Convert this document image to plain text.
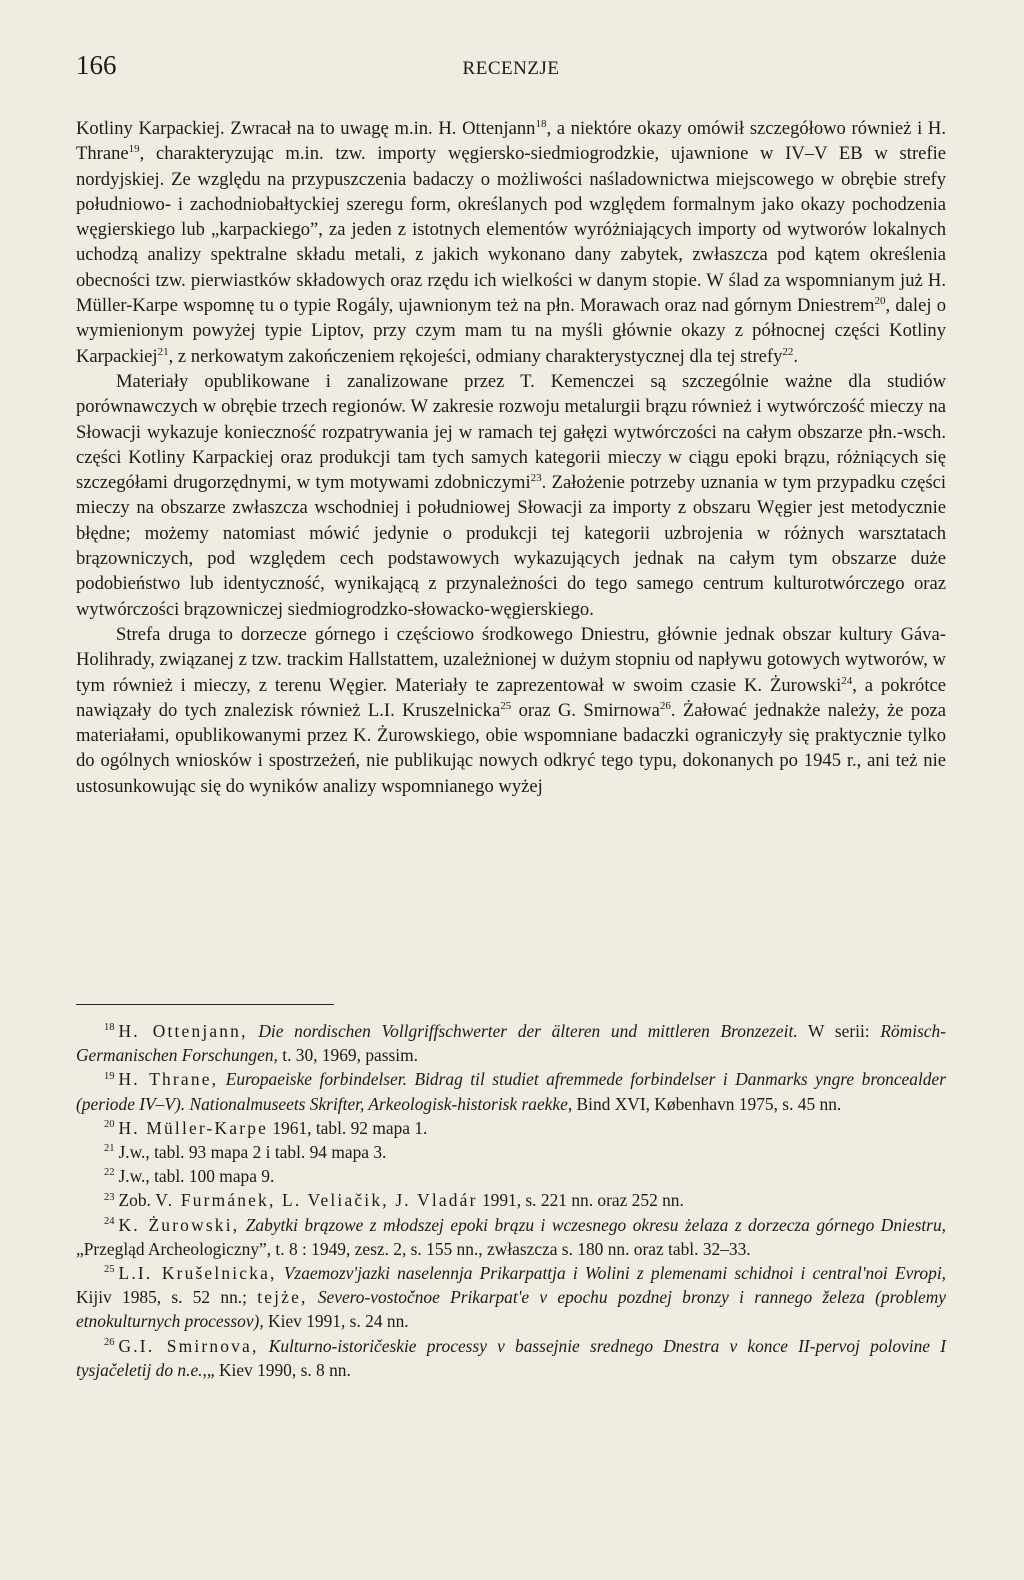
166	RECENZJE

Kotliny Karpackiej. Zwracał na to uwagę m.in. H. Ottenjann$^{18}$, a niektóre okazy omówił szczegółowo również i H. Thrane$^{19}$, charakteryzując m.in. tzw. importy węgiersko-siedmiogrodzkie, ujawnione w IV–V EB w strefie nordyjskiej. Ze względu na przypuszczenia badaczy o możliwości naśladownictwa miejscowego w obrębie strefy południowo- i zachodniobałtyckiej szeregu form, określanych pod względem formalnym jako okazy pochodzenia węgierskiego lub „karpackiego”, za jeden z istotnych elementów wyróżniających importy od wytworów lokalnych uchodzą analizy spektralne składu metali, z jakich wykonano dany zabytek, zwłaszcza pod kątem określenia obecności tzw. pierwiastków składowych oraz rzędu ich wielkości w danym stopie. W ślad za wspomnianym już H. Müller-Karpe wspomnę tu o typie Rogály, ujawnionym też na płn. Morawach oraz nad górnym Dniestrem$^{20}$, dalej o wymienionym powyżej typie Liptov, przy czym mam tu na myśli głównie okazy z północnej części Kotliny Karpackiej$^{21}$, z nerkowatym zakończeniem rękojeści, odmiany charakterystycznej dla tej strefy$^{22}$.

Materiały opublikowane i zanalizowane przez T. Kemenczei są szczególnie ważne dla studiów porównawczych w obrębie trzech regionów. W zakresie rozwoju metalurgii brązu również i wytwórczość mieczy na Słowacji wykazuje konieczność rozpatrywania jej w ramach tej gałęzi wytwórczości na całym obszarze płn.-wsch. części Kotliny Karpackiej oraz produkcji tam tych samych kategorii mieczy w ciągu epoki brązu, różniących się szczegółami drugorzędnymi, w tym motywami zdobniczymi$^{23}$. Założenie potrzeby uznania w tym przypadku części mieczy na obszarze zwłaszcza wschodniej i południowej Słowacji za importy z obszaru Węgier jest metodycznie błędne; możemy natomiast mówić jedynie o produkcji tej kategorii uzbrojenia w różnych warsztatach brązowniczych, pod względem cech podstawowych wykazujących jednak na całym tym obszarze duże podobieństwo lub identyczność, wynikającą z przynależności do tego samego centrum kulturotwórczego oraz wytwórczości brązowniczej siedmiogrodzko-słowacko-węgierskiego.

Strefa druga to dorzecze górnego i częściowo środkowego Dniestru, głównie jednak obszar kultury Gáva-Holihrady, związanej z tzw. trackim Hallstattem, uzależnionej w dużym stopniu od napływu gotowych wytworów, w tym również i mieczy, z terenu Węgier. Materiały te zaprezentował w swoim czasie K. Żurowski$^{24}$, a pokrótce nawiązały do tych znalezisk również L.I. Kruszelnicka$^{25}$ oraz G. Smirnowa$^{26}$. Żałować jednakże należy, że poza materiałami, opublikowanymi przez K. Żurowskiego, obie wspomniane badaczki ograniczyły się praktycznie tylko do ogólnych wniosków i spostrzeżeń, nie publikując nowych odkryć tego typu, dokonanych po 1945 r., ani też nie ustosunkowując się do wyników analizy wspomnianego wyżej

$^{18}$ H. Ottenjann, Die nordischen Vollgriffschwerter der älteren und mittleren Bronzezeit. W serii: Römisch-Germanischen Forschungen, t. 30, 1969, passim.

$^{19}$ H. Thrane, Europaeiske forbindelser. Bidrag til studiet afremmede forbindelser i Danmarks yngre broncealder (periode IV–V). Nationalmuseets Skrifter, Arkeologisk-historisk raekke, Bind XVI, København 1975, s. 45 nn.

$^{20}$ H. Müller-Karpe 1961, tabl. 92 mapa 1.

$^{21}$ J.w., tabl. 93 mapa 2 i tabl. 94 mapa 3.

$^{22}$ J.w., tabl. 100 mapa 9.

$^{23}$ Zob. V. Furmánek, L. Veliačik, J. Vladár 1991, s. 221 nn. oraz 252 nn.

$^{24}$ K. Żurowski, Zabytki brązowe z młodszej epoki brązu i wczesnego okresu żelaza z dorzecza górnego Dniestru, „Przegląd Archeologiczny”, t. 8 : 1949, zesz. 2, s. 155 nn., zwłaszcza s. 180 nn. oraz tabl. 32–33.

$^{25}$ L.I. Krušelnicka, Vzaemozv'jazki naselennja Prikarpattja i Wolini z plemenami schidnoi i central'noi Evropi, Kijiv 1985, s. 52 nn.; tejże, Severo-vostočnoe Prikarpat'e v epochu pozdnej bronzy i rannego železa (problemy etnokulturnych processov), Kiev 1991, s. 24 nn.

$^{26}$ G.I. Smirnova, Kulturno-istoričeskie processy v bassejnie srednego Dnestra v konce II-pervoj polovine I tysjačeletij do n.e.,„ Kiev 1990, s. 8 nn.
